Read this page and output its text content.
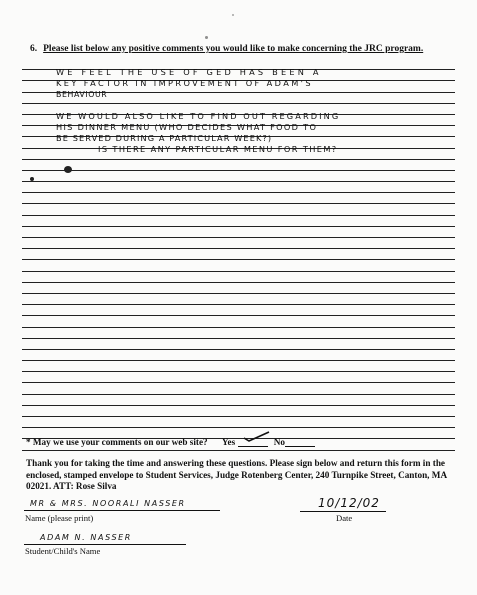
6. Please list below any positive comments you would like to make concerning the JRC program.
WE FEEL THE USE OF GED HAS BEEN A
KEY FACTOR IN IMPROVEMENT OF ADAM'S
BEHAVIOUR
WE WOULD ALSO LIKE TO FIND OUT REGARDING
HIS DINNER MENU (WHO DECIDES WHAT FOOD TO
BE SERVED DURING A PARTICULAR WEEK?)
IS THERE ANY PARTICULAR MENU FOR THEM?
* May we use your comments on our web site? Yes	No
Thank you for taking the time and answering these questions. Please sign below and return this form in the enclosed, stamped envelope to Student Services, Judge Rotenberg Center, 240 Turnpike Street, Canton, MA 02021. ATT: Rose Silva
MR & MRS. NOORALI NASSER
Name (please print)
10/12/02
Date
ADAM N. NASSER
Student/Child's Name
